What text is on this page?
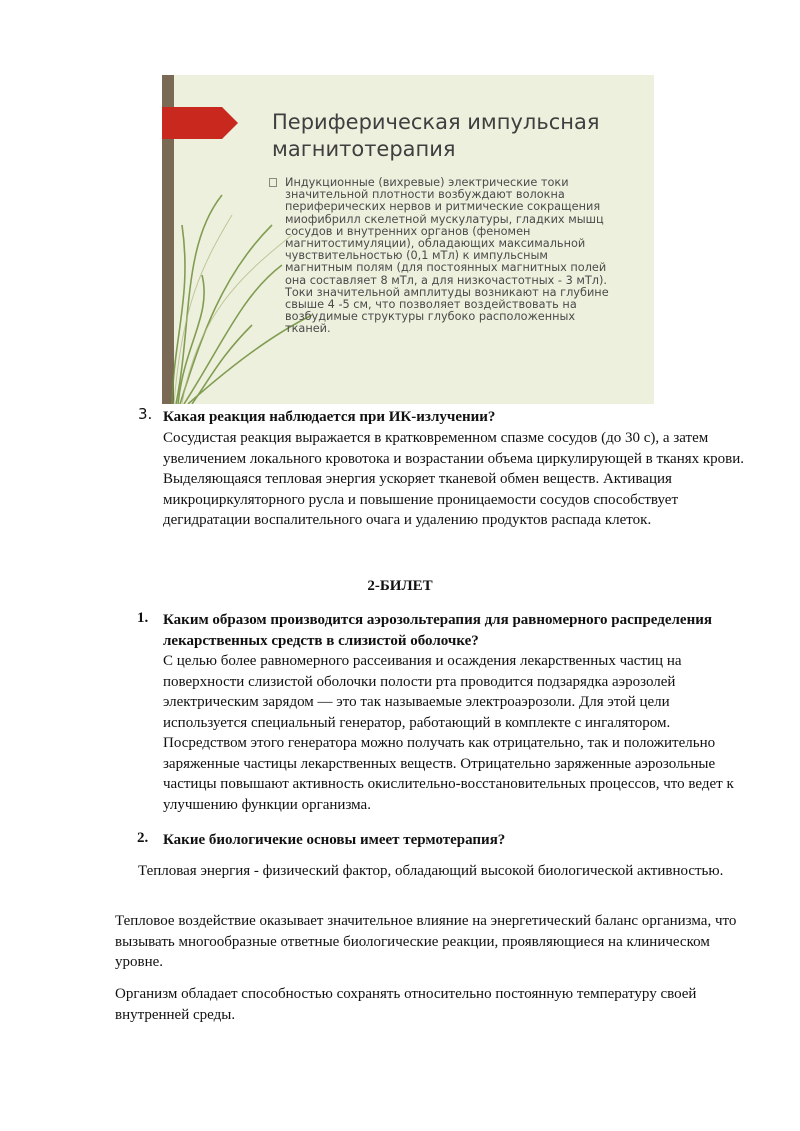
Периферическая импульсная магнитотерапия
Индукционные (вихревые) электрические токи значительной плотности возбуждают волокна периферических нервов и ритмические сокращения миофибрилл скелетной мускулатуры, гладких мышц сосудов и внутренних органов (феномен магнитостимуляции), обладающих максимальной чувствительностью (0,1 мТл) к импульсным магнитным полям (для постоянных магнитных полей она составляет 8 мТл, а для низкочастотных - 3 мТл). Токи значительной амплитуды возникают на глубине свыше 4 -5 см, что позволяет воздействовать на возбудимые структуры глубоко расположенных тканей.
3. Какая реакция наблюдается при ИК-излучении?
Сосудистая реакция выражается в кратковременном спазме сосудов (до 30 с), а затем увеличением локального кровотока и возрастании объема циркулирующей в тканях крови. Выделяющаяся тепловая энергия ускоряет тканевой обмен веществ. Активация микроциркуляторного русла и повышение проницаемости сосудов способствует дегидратации воспалительного очага и удалению продуктов распада клеток.
2-БИЛЕТ
1. Каким образом производится аэрозольтерапия для равномерного распределения лекарственных средств в слизистой оболочке?
С целью более равномерного рассеивания и осаждения лекарственных частиц на поверхности слизистой оболочки полости рта проводится подзарядка аэрозолей электрическим зарядом — это так называемые электроаэрозоли. Для этой цели используется специальный генератор, работающий в комплекте с ингалятором. Посредством этого генератора можно получать как отрицательно, так и положительно заряженные частицы лекарственных веществ. Отрицательно заряженные аэрозольные частицы повышают активность окислительно-восстановительных процессов, что ведет к улучшению функции организма.
2. Какие биологичекие основы имеет термотерапия?
Тепловая энергия - физический фактор, обладающий высокой биологической активностью.
Тепловое воздействие оказывает значительное влияние на энергетический баланс организма, что вызывать многообразные ответные биологические реакции, проявляющиеся на клиническом уровне.
Организм обладает способностью сохранять относительно постоянную температуру своей внутренней среды.
